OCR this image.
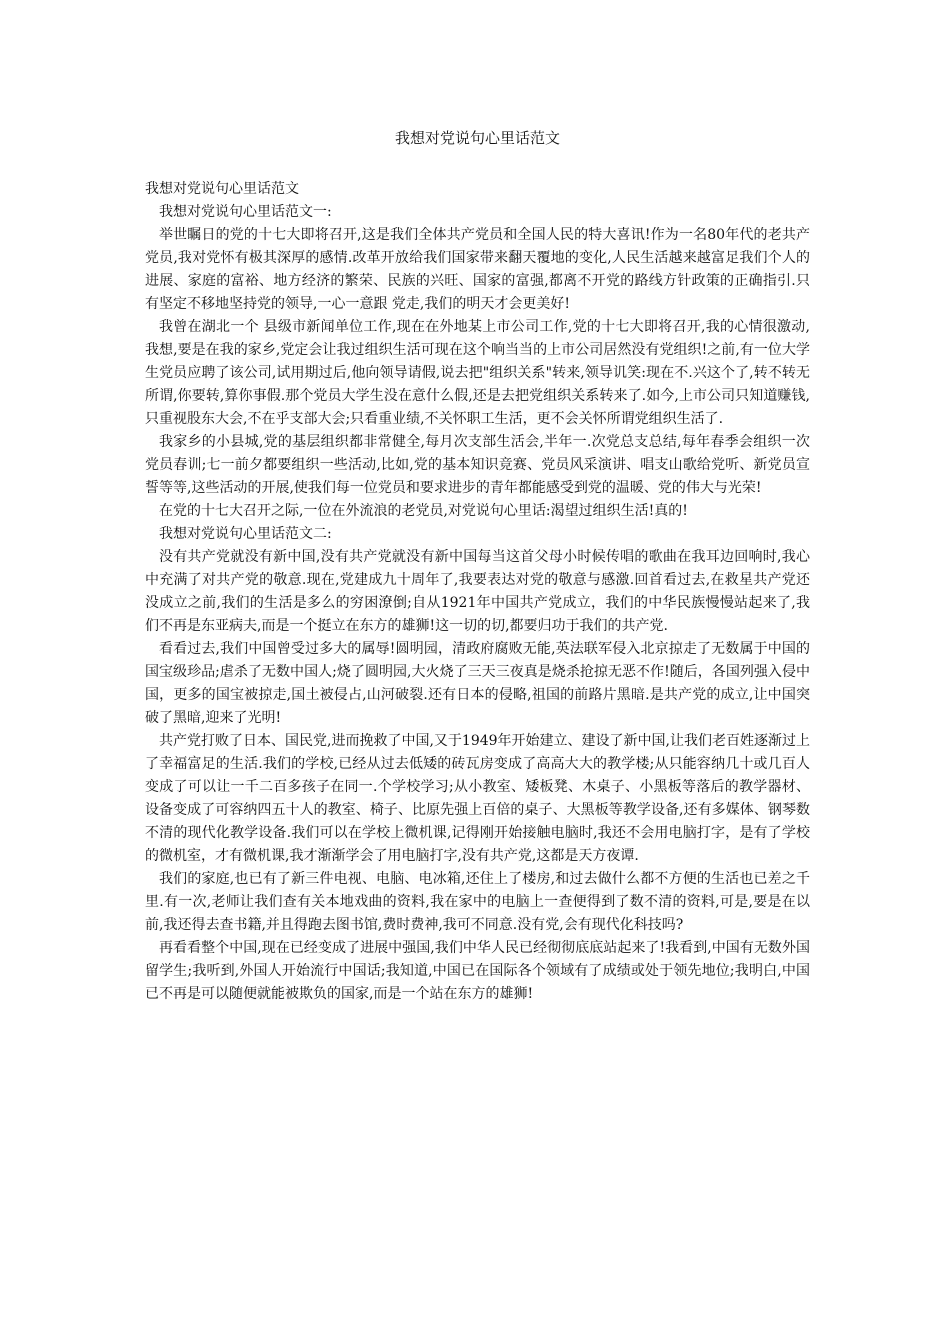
我想对党说句心里话范文

我想对党说句心里话范文

我想对党说句心里话范文一:

举世瞩日的党的十七大即将召开,这是我们全体共产党员和全国人民的特大喜讯!作为一名80年代的老共产党员,我对党怀有极其深厚的感情.改革开放给我们国家带来翻天覆地的变化,人民生活越来越富足我们个人的进展、家庭的富裕、地方经济的繁荣、民族的兴旺、国家的富强,都离不开党的路线方针政策的正确指引.只有坚定不移地坚持党的领导,一心一意跟 党走,我们的明天才会更美好!

我曾在湖北一个 县级市新闻单位工作,现在在外地某上市公司工作,党的十七大即将召开,我的心情很激动,我想,要是在我的家乡,党定会让我过组织生活可现在这个响当当的上市公司居然没有党组织!之前,有一位大学生党员应聘了该公司,试用期过后,他向领导请假,说去把"组织关系"转来,领导讥笑:现在不.兴这个了,转不转无所谓,你要转,算你事假.那个党员大学生没在意什么假,还是去把党组织关系转来了.如今,上市公司只知道赚钱,只重视股东大会,不在乎支部大会;只看重业绩,不关怀职工生活，更不会关怀所谓党组织生活了.

我家乡的小县城,党的基层组织都非常健全,每月次支部生活会,半年一.次党总支总结,每年春季会组织一次党员春训;七一前夕都要组织一些活动,比如,党的基本知识竞赛、党员风采演讲、唱支山歌给党听、新党员宣誓等等,这些活动的开展,使我们每一位党员和要求进步的青年都能感受到党的温暖、党的伟大与光荣!

在党的十七大召开之际,一位在外流浪的老党员,对党说句心里话:渴望过组织生活!真的!

我想对党说句心里话范文二:

没有共产党就没有新中国,没有共产党就没有新中国每当这首父母小时候传唱的歌曲在我耳边回响时,我心中充满了对共产党的敬意.现在,党建成九十周年了,我要表达对党的敬意与感激.回首看过去,在救星共产党还没成立之前,我们的生活是多么的穷困潦倒;自从1921年中国共产党成立，我们的中华民族慢慢站起来了,我们不再是东亚病夫,而是一个挺立在东方的雄狮!这一切的切,都要归功于我们的共产党.

看看过去,我们中国曾受过多大的属辱!圆明园，清政府腐败无能,英法联军侵入北京掠走了无数属于中国的国宝级珍品;虐杀了无数中国人;烧了圆明园,大火烧了三天三夜真是烧杀抢掠无恶不作!随后，各国列强入侵中国，更多的国宝被掠走,国土被侵占,山河破裂.还有日本的侵略,祖国的前路片黑暗.是共产党的成立,让中国突破了黑暗,迎来了光明!

共产党打败了日本、国民党,进而挽救了中国,又于1949年开始建立、建设了新中国,让我们老百姓逐渐过上了幸福富足的生活.我们的学校,已经从过去低矮的砖瓦房变成了高高大大的教学楼;从只能容纳几十或几百人变成了可以让一千二百多孩子在同一.个学校学习;从小教室、矮板凳、木桌子、小黑板等落后的教学器材、设备变成了可容纳四五十人的教室、椅子、比原先强上百倍的桌子、大黑板等教学设备,还有多媒体、钢琴数不清的现代化教学设备.我们可以在学校上微机课,记得刚开始接触电脑时,我还不会用电脑打字，是有了学校的微机室，才有微机课,我才渐渐学会了用电脑打字,没有共产党,这都是天方夜谭.

我们的家庭,也已有了新三件电视、电脑、电冰箱,还住上了楼房,和过去做什么都不方便的生活也已差之千里.有一次,老师让我们查有关本地戏曲的资料,我在家中的电脑上一查便得到了数不清的资料,可是,要是在以前,我还得去查书籍,并且得跑去图书馆,费时费神,我可不同意.没有党,会有现代化科技吗?

再看看整个中国,现在已经变成了进展中强国,我们中华人民已经彻彻底底站起来了!我看到,中国有无数外国留学生;我听到,外国人开始流行中国话;我知道,中国已在国际各个领域有了成绩或处于领先地位;我明白,中国已不再是可以随便就能被欺负的国家,而是一个站在东方的雄狮!
